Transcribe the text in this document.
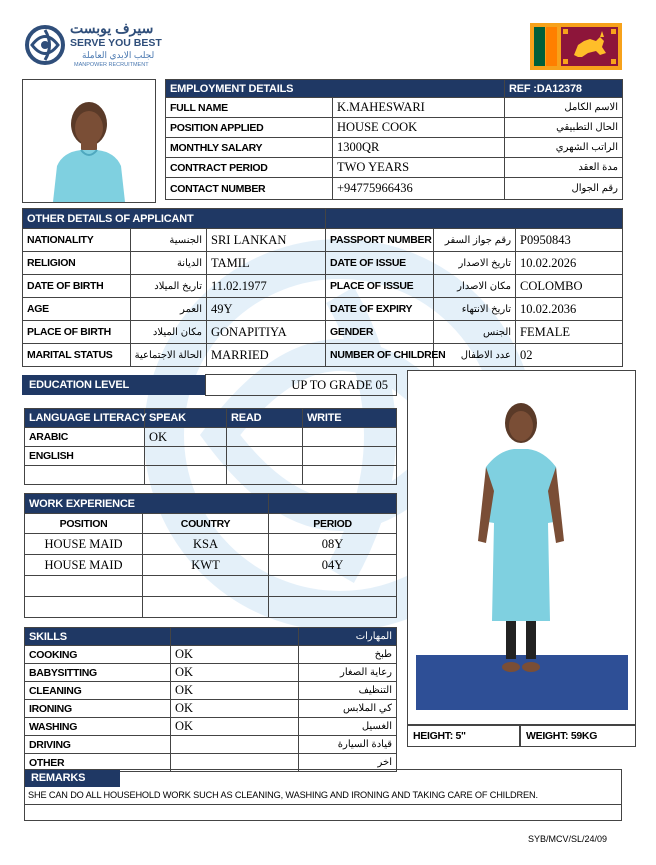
سيرف يوبست
SERVE YOU BEST
لجلب الايدي العاملة
MANPOWER RECRUITMENT
EMPLOYMENT DETAILS		REF :DA12378
FULL NAME	K.MAHESWARI	الاسم الكامل
POSITION APPLIED	HOUSE COOK	الحال التطبيقي
MONTHLY SALARY	1300QR	الراتب الشهري
CONTRACT PERIOD	TWO YEARS	مدة العقد
CONTACT NUMBER	+94775966436	رقم الجوال
OTHER DETAILS OF APPLICANT					
NATIONALITY	الجنسية	SRI LANKAN	PASSPORT NUMBER	رقم جواز السفر	P0950843
RELIGION	الديانة	TAMIL	DATE OF ISSUE	تاريخ الاصدار	10.02.2026
DATE OF BIRTH	تاريخ الميلاد	11.02.1977	PLACE OF ISSUE	مكان الاصدار	COLOMBO
AGE	العمر	49Y	DATE OF EXPIRY	تاريخ الانتهاء	10.02.2036
PLACE OF BIRTH	مكان الميلاد	GONAPITIYA	GENDER	الجنس	FEMALE
MARITAL STATUS	الحالة الاجتماعية	MARRIED	NUMBER OF CHILDREN	عدد الاطفال	02
EDUCATION LEVEL	UP TO GRADE 05
LANGUAGE LITERACY	SPEAK	READ	WRITE
ARABIC	OK		
ENGLISH			

WORK EXPERIENCE		
POSITION	COUNTRY	PERIOD
HOUSE MAID	KSA	08Y
HOUSE MAID	KWT	04Y

SKILLS		المهارات
COOKING	OK	طبخ
BABYSITTING	OK	رعاية الصغار
CLEANING	OK	التنظيف
IRONING	OK	كي الملابس
WASHING	OK	الغسيل
DRIVING		قيادة السيارة
OTHER		اخر
HEIGHT: 5"	WEIGHT: 59KG
REMARKS
SHE CAN DO ALL HOUSEHOLD WORK SUCH AS CLEANING, WASHING AND IRONING AND TAKING CARE OF CHILDREN.
SYB/MCV/SL/24/09
